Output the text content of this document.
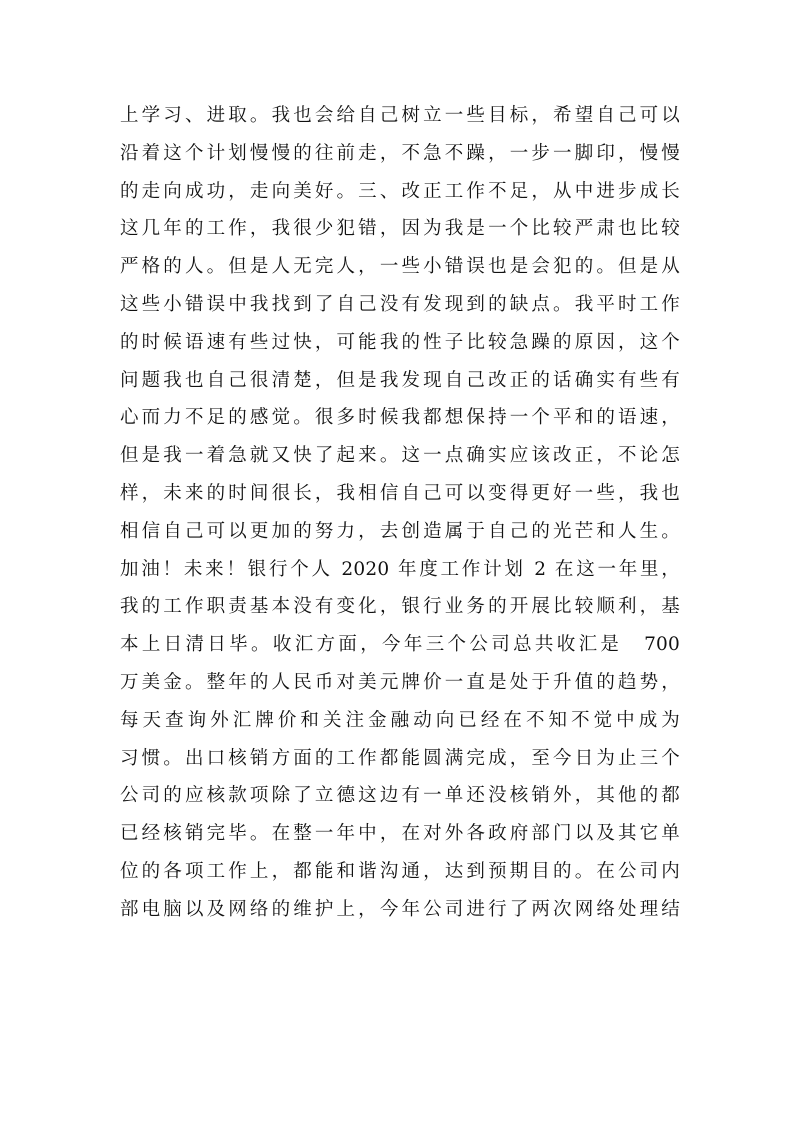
上学习、进取。我也会给自己树立一些目标，希望自己可以
沿着这个计划慢慢的往前走，不急不躁，一步一脚印，慢慢
的走向成功，走向美好。三、改正工作不足，从中进步成长
这几年的工作，我很少犯错，因为我是一个比较严肃也比较
严格的人。但是人无完人，一些小错误也是会犯的。但是从
这些小错误中我找到了自己没有发现到的缺点。我平时工作
的时候语速有些过快，可能我的性子比较急躁的原因，这个
问题我也自己很清楚，但是我发现自己改正的话确实有些有
心而力不足的感觉。很多时候我都想保持一个平和的语速，
但是我一着急就又快了起来。这一点确实应该改正，不论怎
样，未来的时间很长，我相信自己可以变得更好一些，我也
相信自己可以更加的努力，去创造属于自己的光芒和人生。
加油！未来！银行个人 2020 年度工作计划 2 在这一年里，
我的工作职责基本没有变化，银行业务的开展比较顺利，基
本上日清日毕。收汇方面，今年三个公司总共收汇是　700
万美金。整年的人民币对美元牌价一直是处于升值的趋势，
每天查询外汇牌价和关注金融动向已经在不知不觉中成为
习惯。出口核销方面的工作都能圆满完成，至今日为止三个
公司的应核款项除了立德这边有一单还没核销外，其他的都
已经核销完毕。在整一年中，在对外各政府部门以及其它单
位的各项工作上，都能和谐沟通，达到预期目的。在公司内
部电脑以及网络的维护上，今年公司进行了两次网络处理结
